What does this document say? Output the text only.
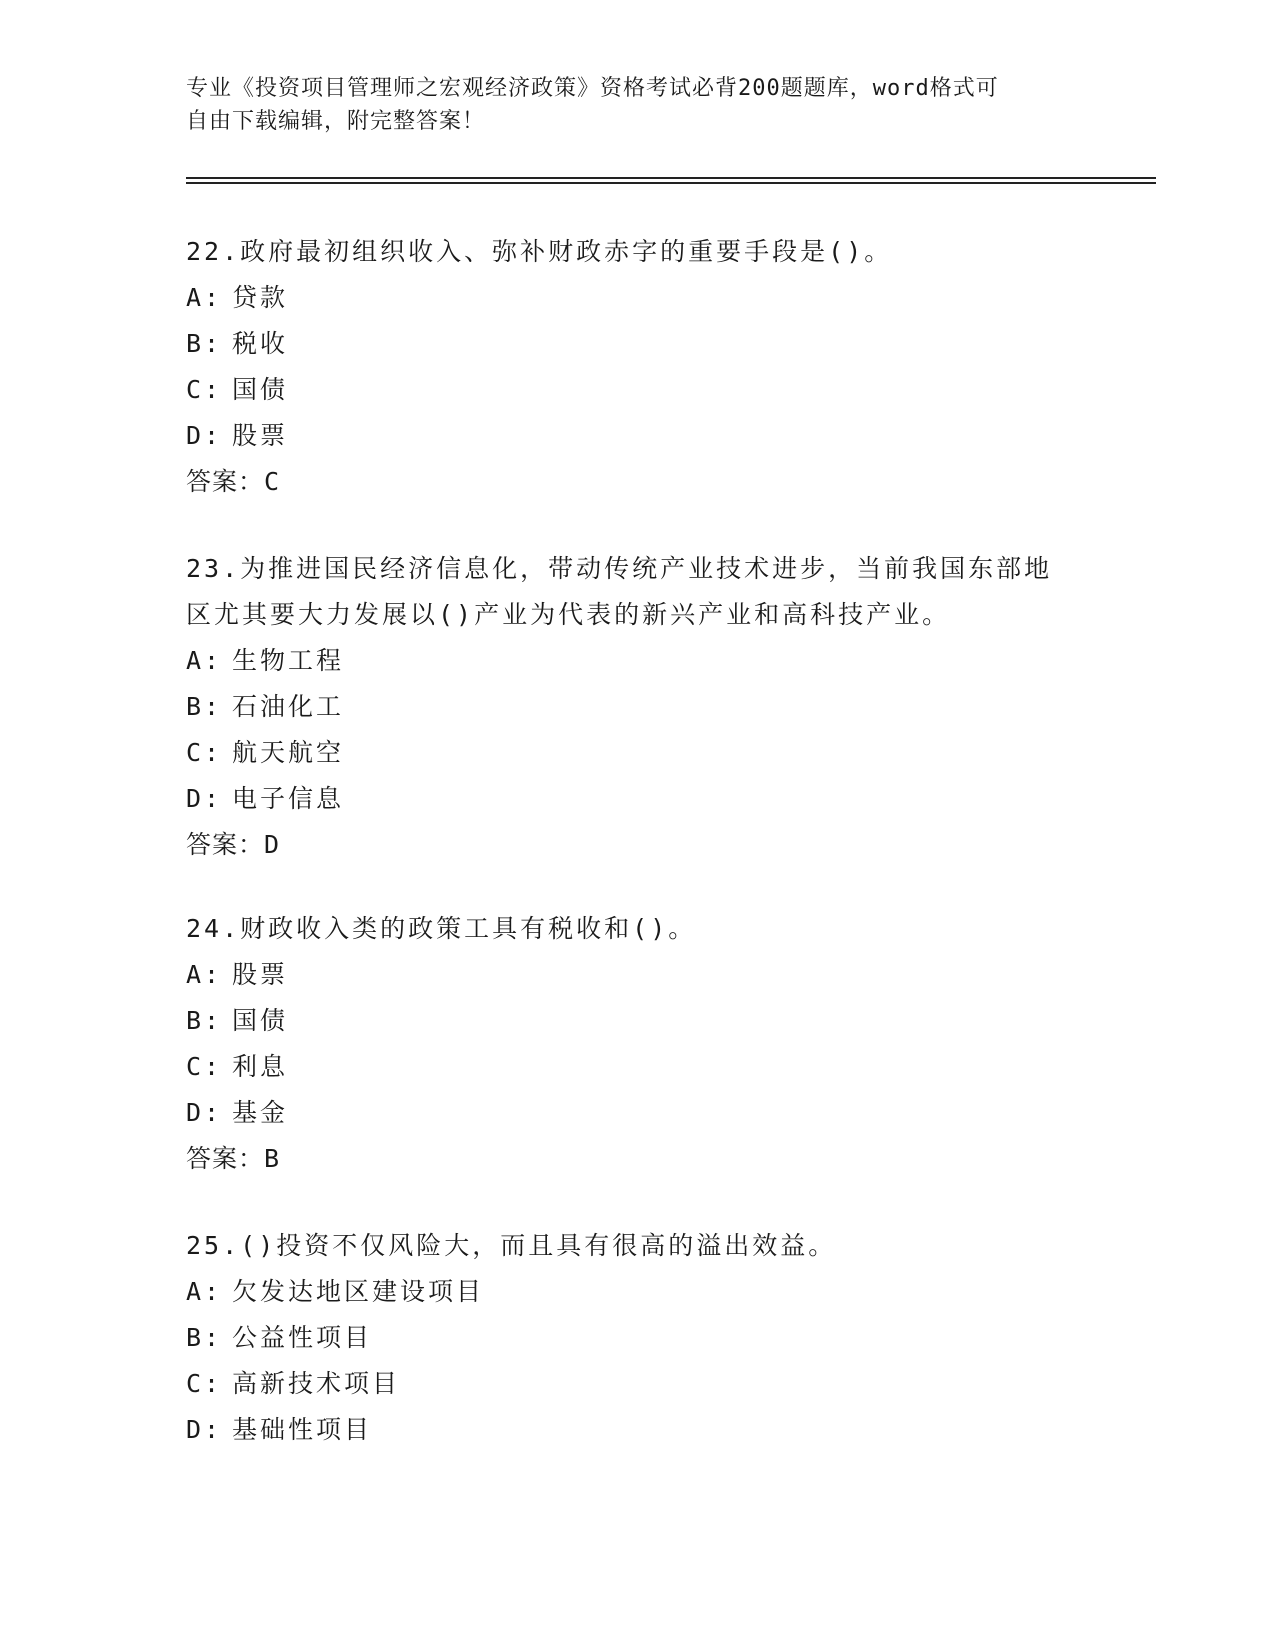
专业《投资项目管理师之宏观经济政策》资格考试必背200题题库，word格式可
自由下载编辑，附完整答案！
22.政府最初组织收入、弥补财政赤字的重要手段是()。
A: 贷款
B: 税收
C: 国债
D: 股票
答案：C
23.为推进国民经济信息化，带动传统产业技术进步，当前我国东部地
区尤其要大力发展以()产业为代表的新兴产业和高科技产业。
A: 生物工程
B: 石油化工
C: 航天航空
D: 电子信息
答案：D
24.财政收入类的政策工具有税收和()。
A: 股票
B: 国债
C: 利息
D: 基金
答案：B
25.()投资不仅风险大，而且具有很高的溢出效益。
A: 欠发达地区建设项目
B: 公益性项目
C: 高新技术项目
D: 基础性项目
